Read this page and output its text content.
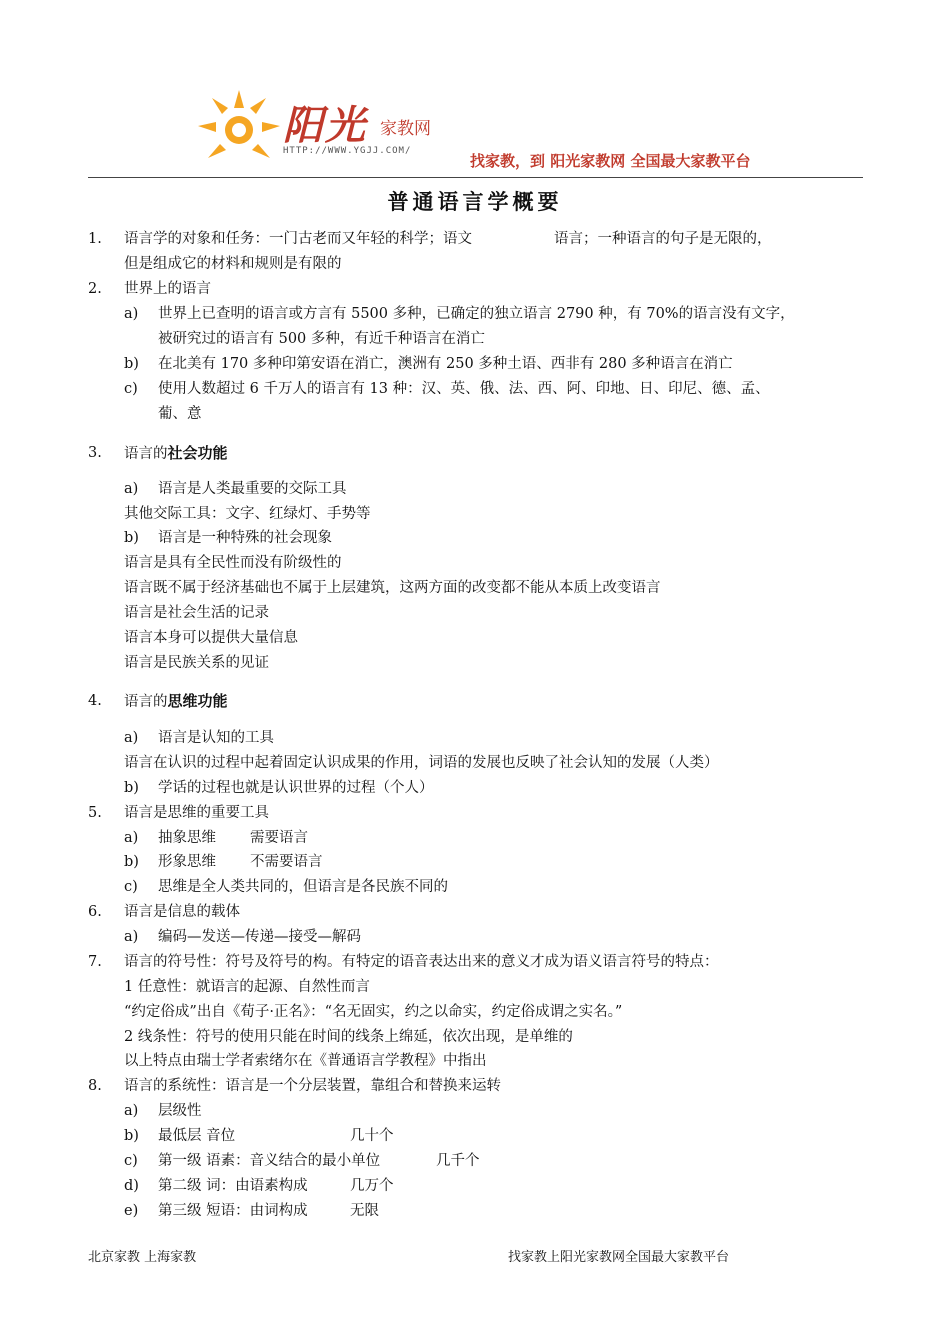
阳光 家教网
HTTP://WWW.YGJJ.COM/
找家教，到 阳光家教网 全国最大家教平台
普通语言学概要
1. 语言学的对象和任务：一门古老而又年轻的科学；语文	语言；一种语言的句子是无限的，
但是组成它的材料和规则是有限的
2. 世界上的语言
a) 世界上已查明的语言或方言有 5500 多种，已确定的独立语言 2790 种，有 70%的语言没有文字，
被研究过的语言有 500 多种，有近千种语言在消亡
b) 在北美有 170 多种印第安语在消亡，澳洲有 250 多种土语、西非有 280 多种语言在消亡
c) 使用人数超过 6 千万人的语言有 13 种：汉、英、俄、法、西、阿、印地、日、印尼、德、孟、
葡、意
3. 语言的社会功能
a) 语言是人类最重要的交际工具
其他交际工具：文字、红绿灯、手势等
b) 语言是一种特殊的社会现象
语言是具有全民性而没有阶级性的
语言既不属于经济基础也不属于上层建筑，这两方面的改变都不能从本质上改变语言
语言是社会生活的记录
语言本身可以提供大量信息
语言是民族关系的见证
4. 语言的思维功能
a) 语言是认知的工具
语言在认识的过程中起着固定认识成果的作用，词语的发展也反映了社会认知的发展（人类）
b) 学话的过程也就是认识世界的过程（个人）
5. 语言是思维的重要工具
a) 抽象思维 需要语言
b) 形象思维 不需要语言
c) 思维是全人类共同的，但语言是各民族不同的
6. 语言是信息的载体
a) 编码—发送—传递—接受—解码
7. 语言的符号性：符号及符号的构。有特定的语音表达出来的意义才成为语义语言符号的特点：
1 任意性：就语言的起源、自然性而言
“约定俗成”出自《荀子·正名》：“名无固实，约之以命实，约定俗成谓之实名。”
2 线条性：符号的使用只能在时间的线条上绵延，依次出现，是单维的
以上特点由瑞士学者索绪尔在《普通语言学教程》中指出
8. 语言的系统性：语言是一个分层装置，靠组合和替换来运转
a) 层级性
b) 最低层 音位	几十个
c) 第一级 语素：音义结合的最小单位	几千个
d) 第二级 词：由语素构成	几万个
e) 第三级 短语：由词构成	无限
北京家教 上海家教	找家教上阳光家教网全国最大家教平台
